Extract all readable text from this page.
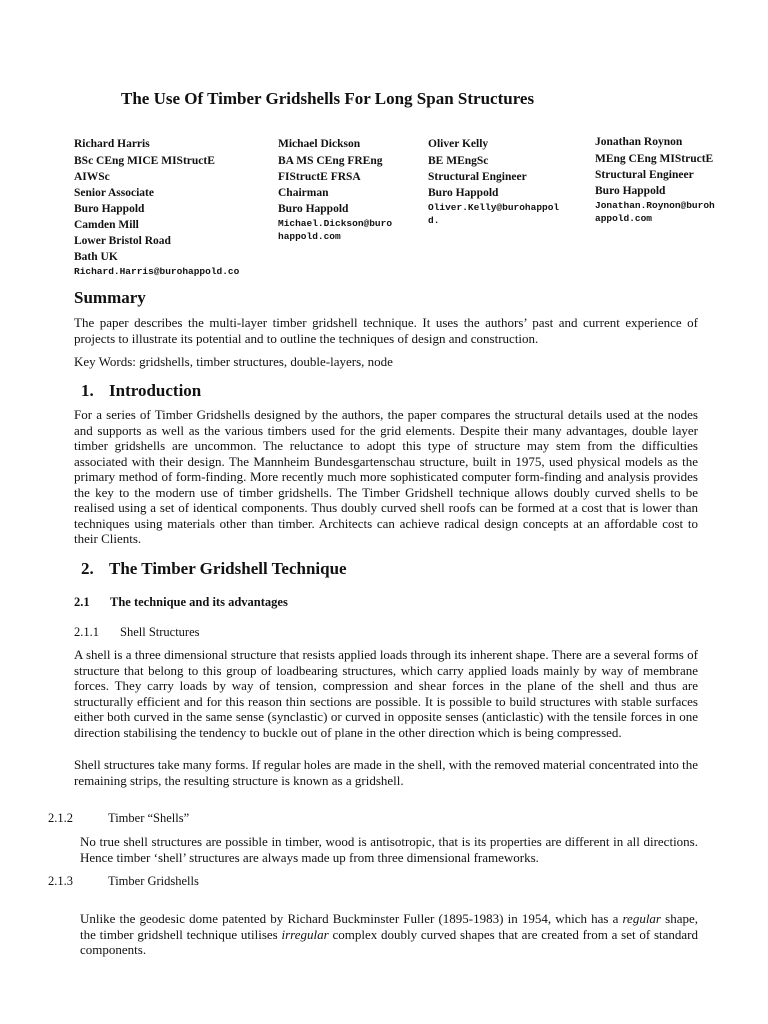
The Use Of Timber Gridshells For Long Span Structures
Richard Harris
BSc CEng MICE MIStructE
AIWSc
Senior Associate
Buro Happold
Camden Mill
Lower Bristol Road
Bath UK
Richard.Harris@burohappold.co
Michael Dickson
BA MS CEng FREng
FIStructE FRSA
Chairman
Buro Happold
Michael.Dickson@buro
happold.com
Oliver Kelly
BE MEngSc
Structural Engineer
Buro Happold
Oliver.Kelly@burohappol
d.
Jonathan Roynon
MEng CEng MIStructE
Structural Engineer
Buro Happold
Jonathan.Roynon@buroh
appold.com
Summary
The paper describes the multi-layer timber gridshell technique. It uses the authors’ past and current experience of projects to illustrate its potential and to outline the techniques of design and construction.
Key Words: gridshells, timber structures, double-layers, node
1. Introduction
For a series of Timber Gridshells designed by the authors, the paper compares the structural details used at the nodes and supports as well as the various timbers used for the grid elements. Despite their many advantages, double layer timber gridshells are uncommon. The reluctance to adopt this type of structure may stem from the difficulties associated with their design. The Mannheim Bundesgartenschau structure, built in 1975, used physical models as the primary method of form-finding. More recently much more sophisticated computer form-finding and analysis provides the key to the modern use of timber gridshells. The Timber Gridshell technique allows doubly curved shells to be realised using a set of identical components. Thus doubly curved shell roofs can be formed at a cost that is lower than techniques using materials other than timber. Architects can achieve radical design concepts at an affordable cost to their Clients.
2. The Timber Gridshell Technique
2.1 The technique and its advantages
2.1.1 Shell Structures
A shell is a three dimensional structure that resists applied loads through its inherent shape. There are a several forms of structure that belong to this group of loadbearing structures, which carry applied loads mainly by way of membrane forces. They carry loads by way of tension, compression and shear forces in the plane of the shell and thus are structurally efficient and for this reason thin sections are possible. It is possible to build structures with stable surfaces either both curved in the same sense (synclastic) or curved in opposite senses (anticlastic) with the tensile forces in one direction stabilising the tendency to buckle out of plane in the other direction which is being compressed.
Shell structures take many forms. If regular holes are made in the shell, with the removed material concentrated into the remaining strips, the resulting structure is known as a gridshell.
2.1.2	Timber “Shells”
No true shell structures are possible in timber, wood is antisotropic, that is its properties are different in all directions. Hence timber ‘shell’ structures are always made up from three dimensional frameworks.
2.1.3	Timber Gridshells
Unlike the geodesic dome patented by Richard Buckminster Fuller (1895-1983) in 1954, which has a regular shape, the timber gridshell technique utilises irregular complex doubly curved shapes that are created from a set of standard components.
